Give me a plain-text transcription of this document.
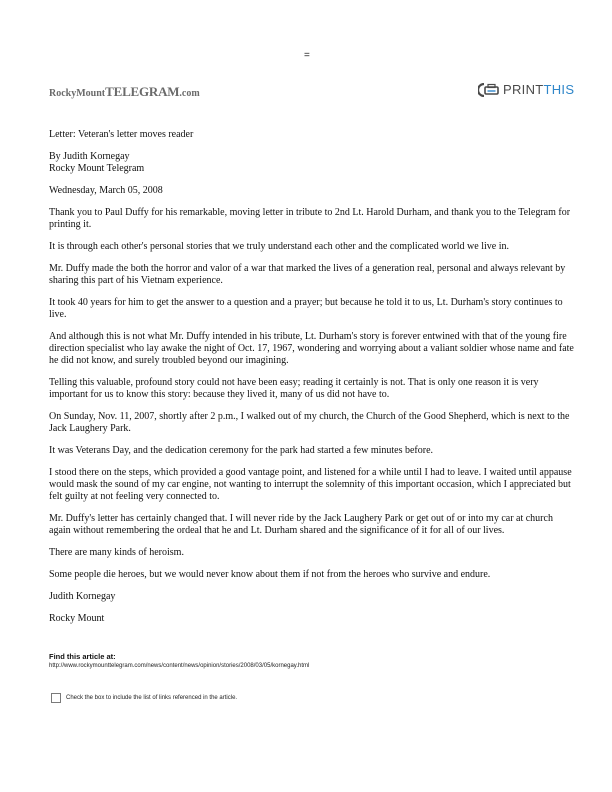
=
RockyMount TELEGRAM .com	PRINT THIS

Letter: Veteran's letter moves reader

By Judith Kornegay
Rocky Mount Telegram

Wednesday, March 05, 2008

Thank you to Paul Duffy for his remarkable, moving letter in tribute to 2nd Lt. Harold Durham, and thank you to the Telegram for printing it.

It is through each other's personal stories that we truly understand each other and the complicated world we live in.

Mr. Duffy made the both the horror and valor of a war that marked the lives of a generation real, personal and always relevant by sharing this part of his Vietnam experience.

It took 40 years for him to get the answer to a question and a prayer; but because he told it to us, Lt. Durham's story continues to live.

And although this is not what Mr. Duffy intended in his tribute, Lt. Durham's story is forever entwined with that of the young fire direction specialist who lay awake the night of Oct. 17, 1967, wondering and worrying about a valiant soldier whose name and fate he did not know, and surely troubled beyond our imagining.

Telling this valuable, profound story could not have been easy; reading it certainly is not. That is only one reason it is very important for us to know this story: because they lived it, many of us did not have to.

On Sunday, Nov. 11, 2007, shortly after 2 p.m., I walked out of my church, the Church of the Good Shepherd, which is next to the Jack Laughery Park.

It was Veterans Day, and the dedication ceremony for the park had started a few minutes before.

I stood there on the steps, which provided a good vantage point, and listened for a while until I had to leave. I waited until appause would mask the sound of my car engine, not wanting to interrupt the solemnity of this important occasion, which I appreciated but felt guilty at not feeling very connected to.

Mr. Duffy's letter has certainly changed that. I will never ride by the Jack Laughery Park or get out of or into my car at church again without remembering the ordeal that he and Lt. Durham shared and the significance of it for all of our lives.

There are many kinds of heroism.

Some people die heroes, but we would never know about them if not from the heroes who survive and endure.

Judith Kornegay

Rocky Mount

Find this article at:
http://www.rockymounttelegram.com/news/content/news/opinion/stories/2008/03/05/kornegay.html
Check the box to include the list of links referenced in the article.
